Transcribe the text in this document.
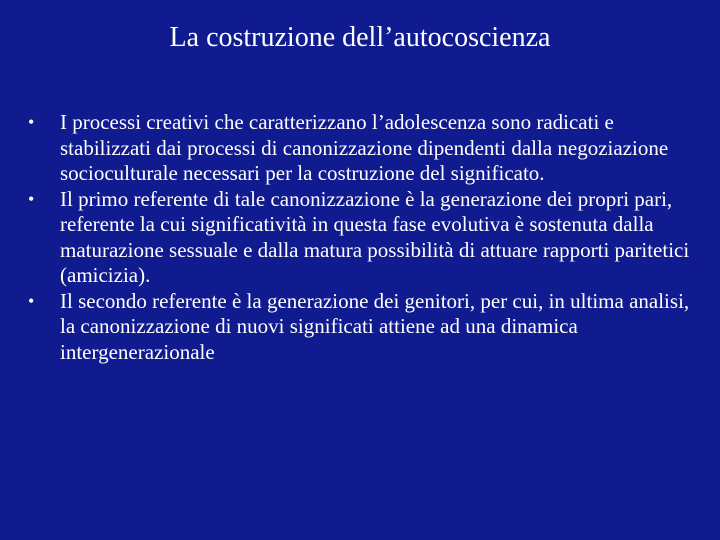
La costruzione dell’autocoscienza
•	I processi creativi che caratterizzano l’adolescenza sono radicati e stabilizzati dai processi di canonizzazione dipendenti dalla negoziazione socioculturale necessari per la costruzione del significato.
•	Il primo referente di tale canonizzazione è la generazione dei propri pari, referente la cui significatività in questa fase evolutiva è sostenuta dalla maturazione sessuale e dalla matura possibilità di attuare rapporti paritetici (amicizia).
•	Il secondo referente è la generazione dei genitori, per cui, in ultima analisi, la canonizzazione di nuovi significati attiene ad una dinamica intergenerazionale
